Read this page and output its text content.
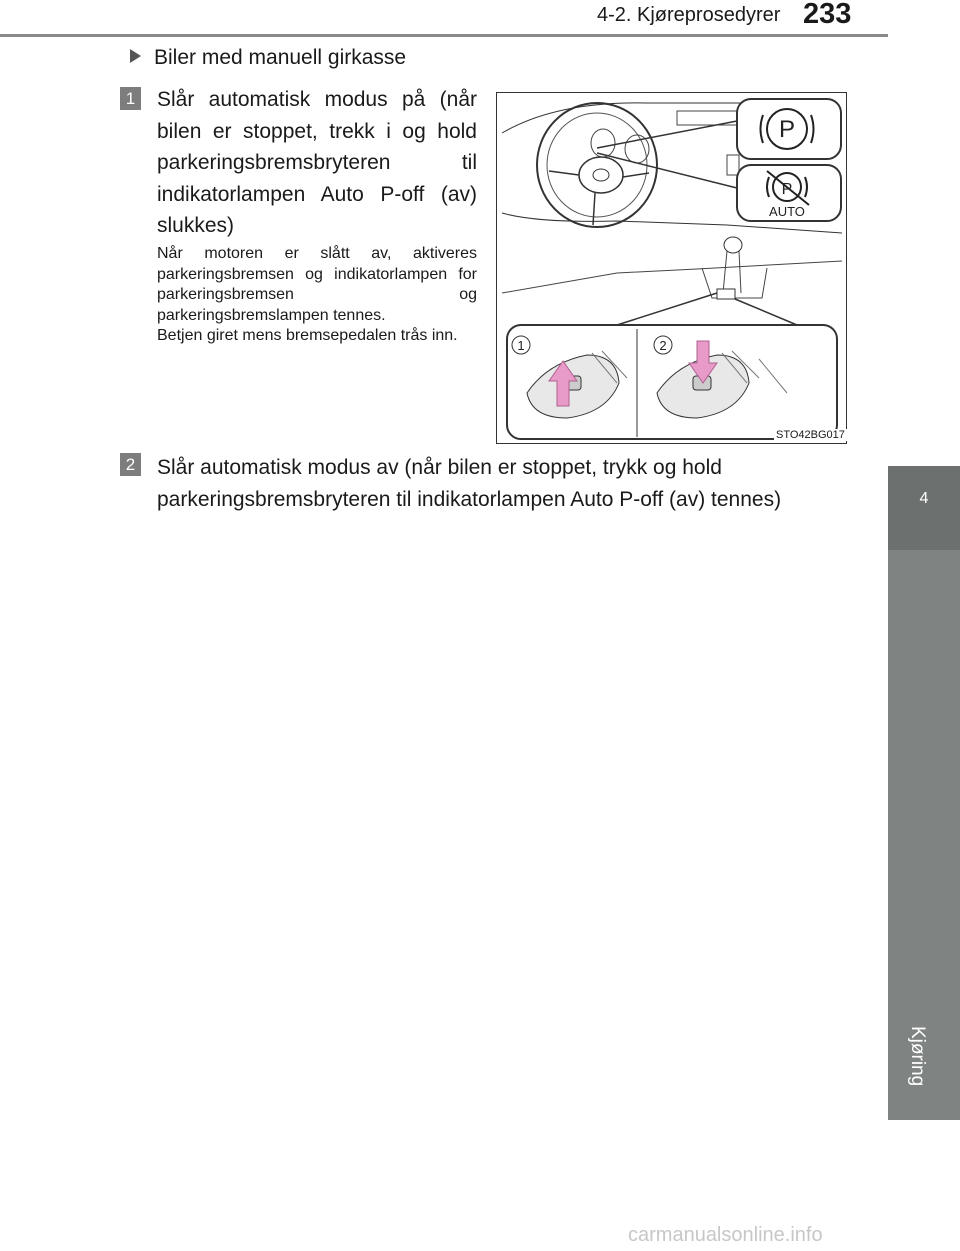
4-2. Kjøreprosedyrer 233
Kjøring
4
Biler med manuell girkasse
1 Slår automatisk modus på (når bilen er stoppet, trekk i og hold parkeringsbremsbryteren til indikatorlampen Auto P-off (av) slukkes)
Når motoren er slått av, aktiveres parkeringsbremsen og indikatorlampen for parkeringsbremsen og parkeringsbremslampen tennes.
Betjen giret mens bremsepedalen trås inn.
P
P
AUTO
1	2
STO42BG017
2 Slår automatisk modus av (når bilen er stoppet, trykk og hold parkeringsbremsbryteren til indikatorlampen Auto P-off (av) tennes)
carmanualsonline.info
